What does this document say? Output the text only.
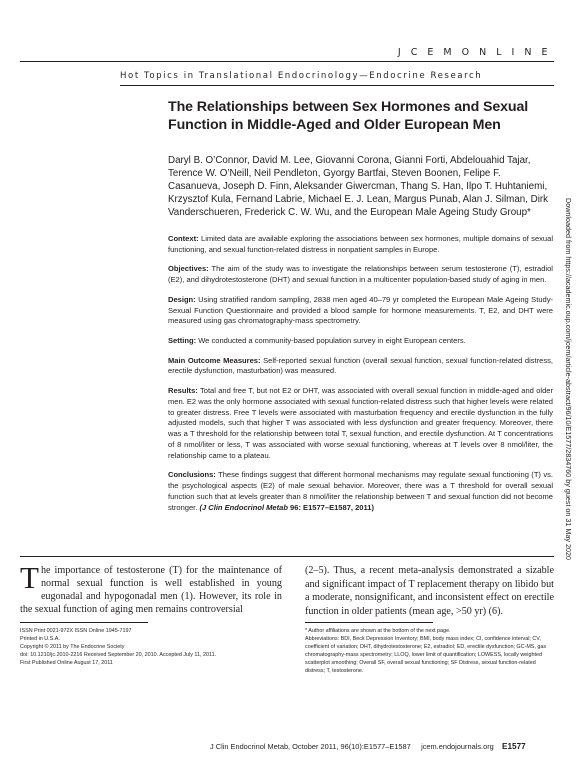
J C E M O N L I N E
Hot Topics in Translational Endocrinology—Endocrine Research
The Relationships between Sex Hormones and Sexual Function in Middle-Aged and Older European Men
Daryl B. O’Connor, David M. Lee, Giovanni Corona, Gianni Forti, Abdelouahid Tajar, Terence W. O’Neill, Neil Pendleton, Gyorgy Bartfai, Steven Boonen, Felipe F. Casanueva, Joseph D. Finn, Aleksander Giwercman, Thang S. Han, Ilpo T. Huhtaniemi, Krzysztof Kula, Fernand Labrie, Michael E. J. Lean, Margus Punab, Alan J. Silman, Dirk Vanderschueren, Frederick C. W. Wu, and the European Male Ageing Study Group*

Context: Limited data are available exploring the associations between sex hormones, multiple domains of sexual functioning, and sexual function-related distress in nonpatient samples in Europe.

Objectives: The aim of the study was to investigate the relationships between serum testosterone (T), estradiol (E2), and dihydrotestosterone (DHT) and sexual function in a multicenter population-based study of aging in men.

Design: Using stratified random sampling, 2838 men aged 40–79 yr completed the European Male Ageing Study-Sexual Function Questionnaire and provided a blood sample for hormone measurements. T, E2, and DHT were measured using gas chromatography-mass spectrometry.

Setting: We conducted a community-based population survey in eight European centers.

Main Outcome Measures: Self-reported sexual function (overall sexual function, sexual function-related distress, erectile dysfunction, masturbation) was measured.

Results: Total and free T, but not E2 or DHT, was associated with overall sexual function in middle-aged and older men. E2 was the only hormone associated with sexual function-related distress such that higher levels were related to greater distress. Free T levels were associated with masturbation frequency and erectile dysfunction in the fully adjusted models, such that higher T was associated with less dysfunction and greater frequency. Moreover, there was a T threshold for the relationship between total T, sexual function, and erectile dysfunction. At T concentrations of 8 nmol/liter or less, T was associated with worse sexual functioning, whereas at T levels over 8 nmol/liter, the relationship came to a plateau.

Conclusions: These findings suggest that different hormonal mechanisms may regulate sexual functioning (T) vs. the psychological aspects (E2) of male sexual behavior. Moreover, there was a T threshold for overall sexual function such that at levels greater than 8 nmol/liter the relationship between T and sexual function did not become stronger. (J Clin Endocrinol Metab 96: E1577–E1587, 2011)	Downloaded from https://academic.oup.com/jcem/article-abstract/96/10/E1577/2834760 by guest on 31 May 2020
The importance of testosterone (T) for the maintenance of normal sexual function is well established in young eugonadal and hypogonadal men (1). However, its role in the sexual function of aging men remains controversial
(2–5). Thus, a recent meta-analysis demonstrated a sizable and significant impact of T replacement therapy on libido but a moderate, nonsignificant, and inconsistent effect on erectile function in older patients (mean age, >50 yr) (6).
ISSN Print 0021-972X ISSN Online 1945-7197
Printed in U.S.A.
Copyright © 2011 by The Endocrine Society
doi: 10.1210/jc.2010-2216 Received September 20, 2010. Accepted July 11, 2011.
First Published Online August 17, 2011

* Author affiliations are shown at the bottom of the next page.

Abbreviations: BDI, Beck Depression Inventory; BMI, body mass index; CI, confidence interval; CV, coefficient of variation; DHT, dihydrotestosterone; E2, estradiol; ED, erectile dysfunction; GC-MS, gas chromatography-mass spectrometry; LLOQ, lower limit of quantification; LOWESS, locally weighted scatterplot smoothing; Overall SF, overall sexual functioning; SF Distress, sexual function-related distress; T, testosterone.

J Clin Endocrinol Metab, October 2011, 96(10):E1577–E1587 jcem.endojournals.org E1577
